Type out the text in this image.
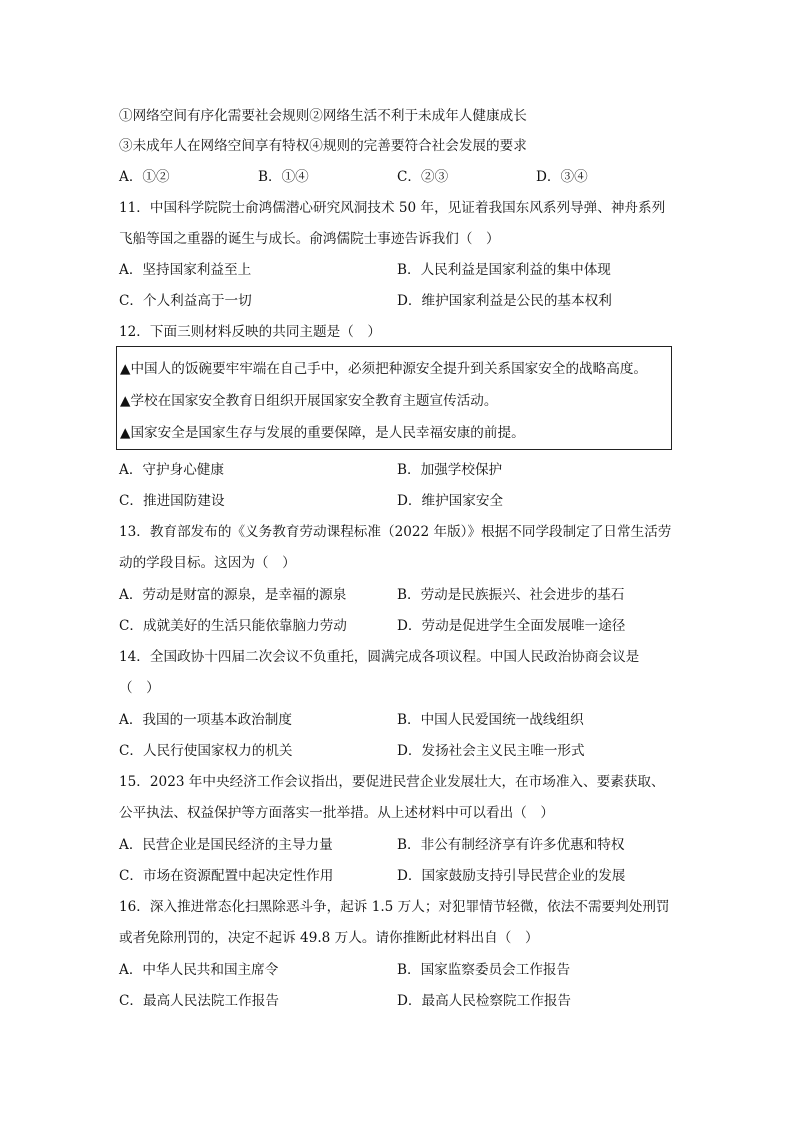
①网络空间有序化需要社会规则②网络生活不利于未成年人健康成长
③未成年人在网络空间享有特权④规则的完善要符合社会发展的要求
A．①②	B．①④	C．②③	D．③④
11．中国科学院院士俞鸿儒潜心研究风洞技术 50 年，见证着我国东风系列导弹、神舟系列
飞船等国之重器的诞生与成长。俞鸿儒院士事迹告诉我们（　）
A．坚持国家利益至上	B．人民利益是国家利益的集中体现
C．个人利益高于一切	D．维护国家利益是公民的基本权利
12．下面三则材料反映的共同主题是（　）
▲中国人的饭碗要牢牢端在自己手中，必须把种源安全提升到关系国家安全的战略高度。
▲学校在国家安全教育日组织开展国家安全教育主题宣传活动。
▲国家安全是国家生存与发展的重要保障，是人民幸福安康的前提。
A．守护身心健康	B．加强学校保护
C．推进国防建设	D．维护国家安全
13．教育部发布的《义务教育劳动课程标准（2022 年版）》根据不同学段制定了日常生活劳
动的学段目标。这因为（　）
A．劳动是财富的源泉，是幸福的源泉	B．劳动是民族振兴、社会进步的基石
C．成就美好的生活只能依靠脑力劳动	D．劳动是促进学生全面发展唯一途径
14．全国政协十四届二次会议不负重托，圆满完成各项议程。中国人民政治协商会议是
（　）
A．我国的一项基本政治制度	B．中国人民爱国统一战线组织
C．人民行使国家权力的机关	D．发扬社会主义民主唯一形式
15．2023 年中央经济工作会议指出，要促进民营企业发展壮大，在市场准入、要素获取、
公平执法、权益保护等方面落实一批举措。从上述材料中可以看出（　）
A．民营企业是国民经济的主导力量	B．非公有制经济享有许多优惠和特权
C．市场在资源配置中起决定性作用	D．国家鼓励支持引导民营企业的发展
16．深入推进常态化扫黑除恶斗争，起诉 1.5 万人；对犯罪情节轻微，依法不需要判处刑罚
或者免除刑罚的，决定不起诉 49.8 万人。请你推断此材料出自（　）
A．中华人民共和国主席令	B．国家监察委员会工作报告
C．最高人民法院工作报告	D．最高人民检察院工作报告
